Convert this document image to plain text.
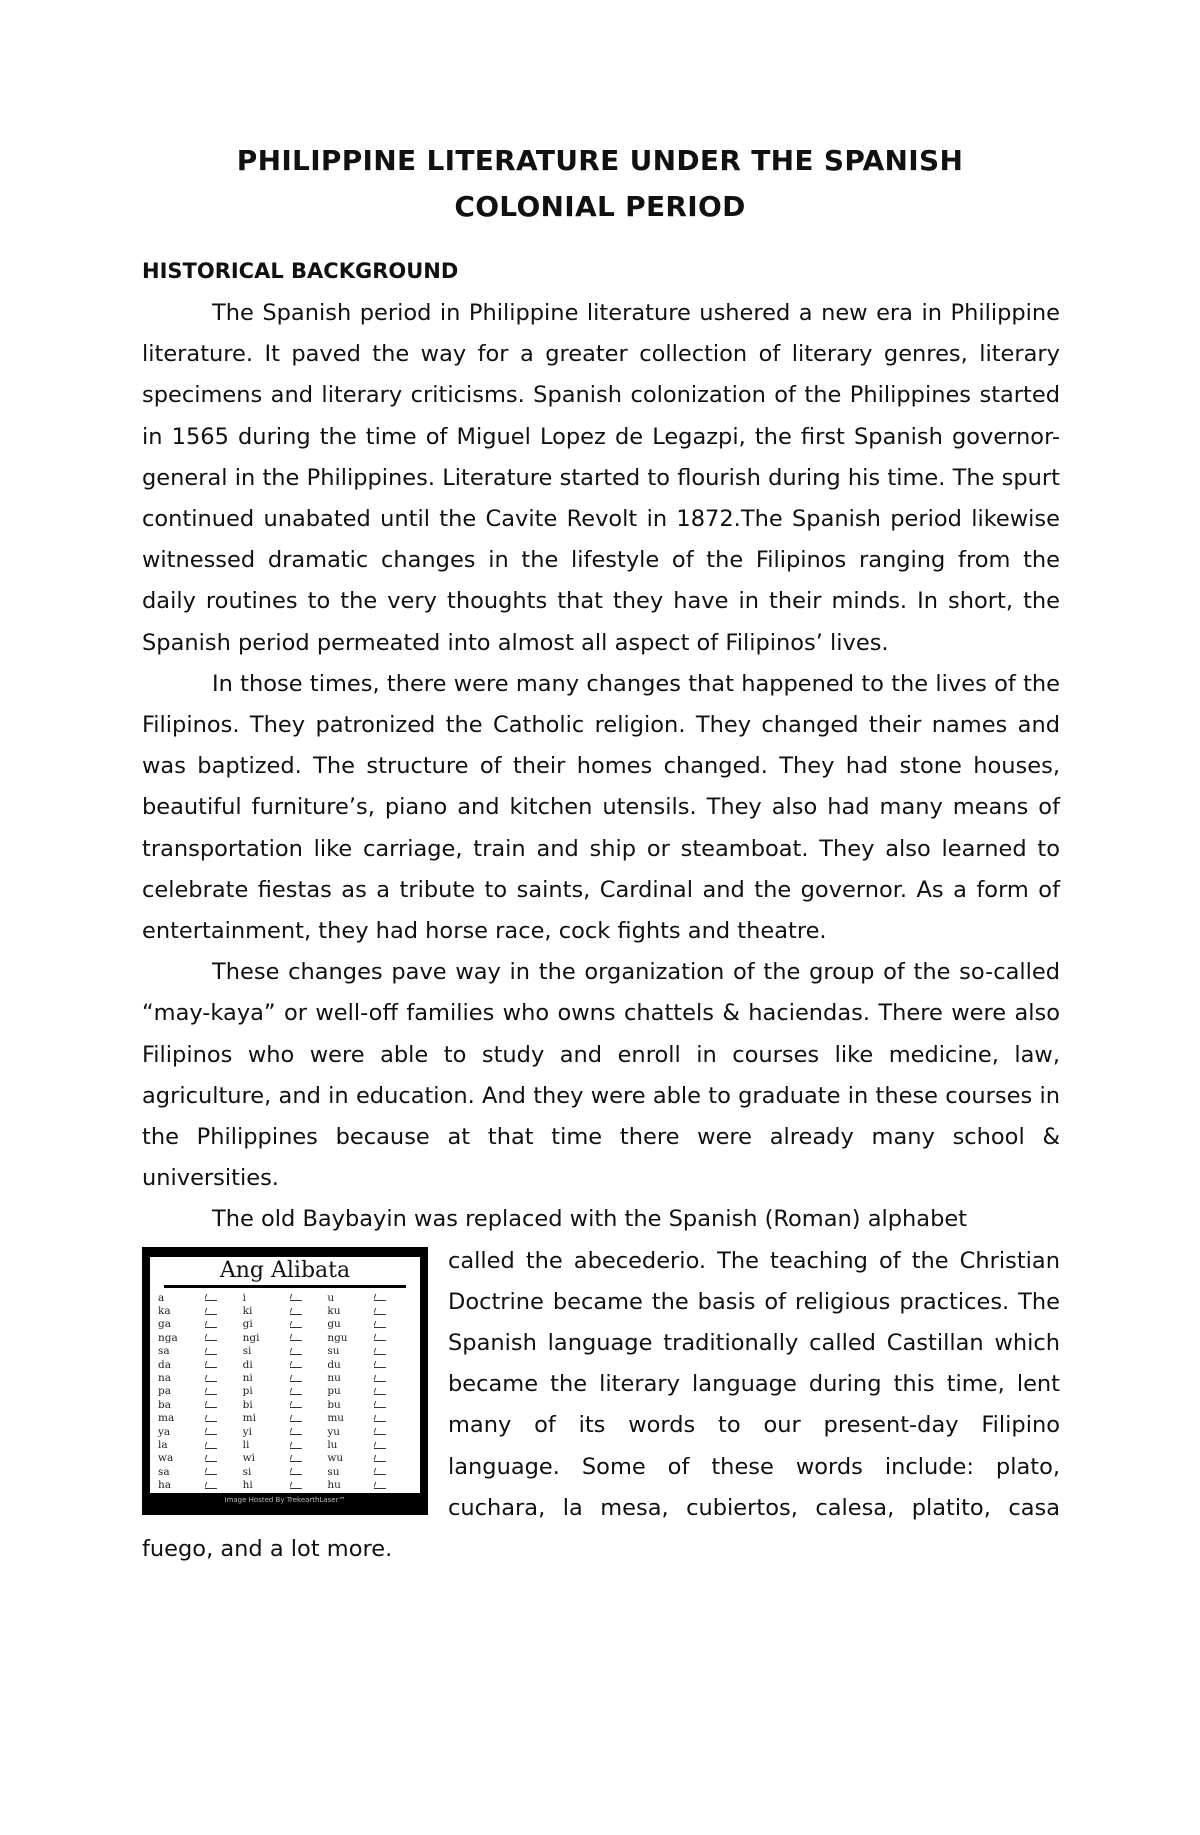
PHILIPPINE LITERATURE UNDER THE SPANISH
COLONIAL PERIOD
HISTORICAL BACKGROUND

The Spanish period in Philippine literature ushered a new era in Philippine literature. It paved the way for a greater collection of literary genres, literary specimens and literary criticisms. Spanish colonization of the Philippines started in 1565 during the time of Miguel Lopez de Legazpi, the first Spanish governor-general in the Philippines. Literature started to flourish during his time. The spurt continued unabated until the Cavite Revolt in 1872.The Spanish period likewise witnessed dramatic changes in the lifestyle of the Filipinos ranging from the daily routines to the very thoughts that they have in their minds. In short, the Spanish period permeated into almost all aspect of Filipinos’ lives.

In those times, there were many changes that happened to the lives of the Filipinos. They patronized the Catholic religion. They changed their names and was baptized. The structure of their homes changed. They had stone houses, beautiful furniture’s, piano and kitchen utensils. They also had many means of transportation like carriage, train and ship or steamboat. They also learned to celebrate fiestas as a tribute to saints, Cardinal and the governor. As a form of entertainment, they had horse race, cock fights and theatre.

These changes pave way in the organization of the group of the so-called “may-kaya” or well-off families who owns chattels & haciendas. There were also Filipinos who were able to study and enroll in courses like medicine, law, agriculture, and in education. And they were able to graduate in these courses in the Philippines because at that time there were already many school & universities.

The old Baybayin was replaced with the Spanish (Roman) alphabet

Ang Alibata
a	i	u
ka	ki	ku
ga	gi	gu
nga	ngi	ngu
sa	si	su
da	di	du
na	ni	nu
pa	pi	pu
ba	bi	bu
ma	mi	mu
ya	yi	yu
la	li	lu
wa	wi	wu
sa	si	su
ha	hi	hu
Image Hosted By TrekearthLaser™

called the abecederio. The teaching of the Christian Doctrine became the basis of religious practices. The Spanish language traditionally called Castillan which became the literary language during this time, lent many of its words to our present-day Filipino language. Some of these words include: plato, cuchara, la mesa, cubiertos, calesa, platito, casa fuego, and a lot more.
